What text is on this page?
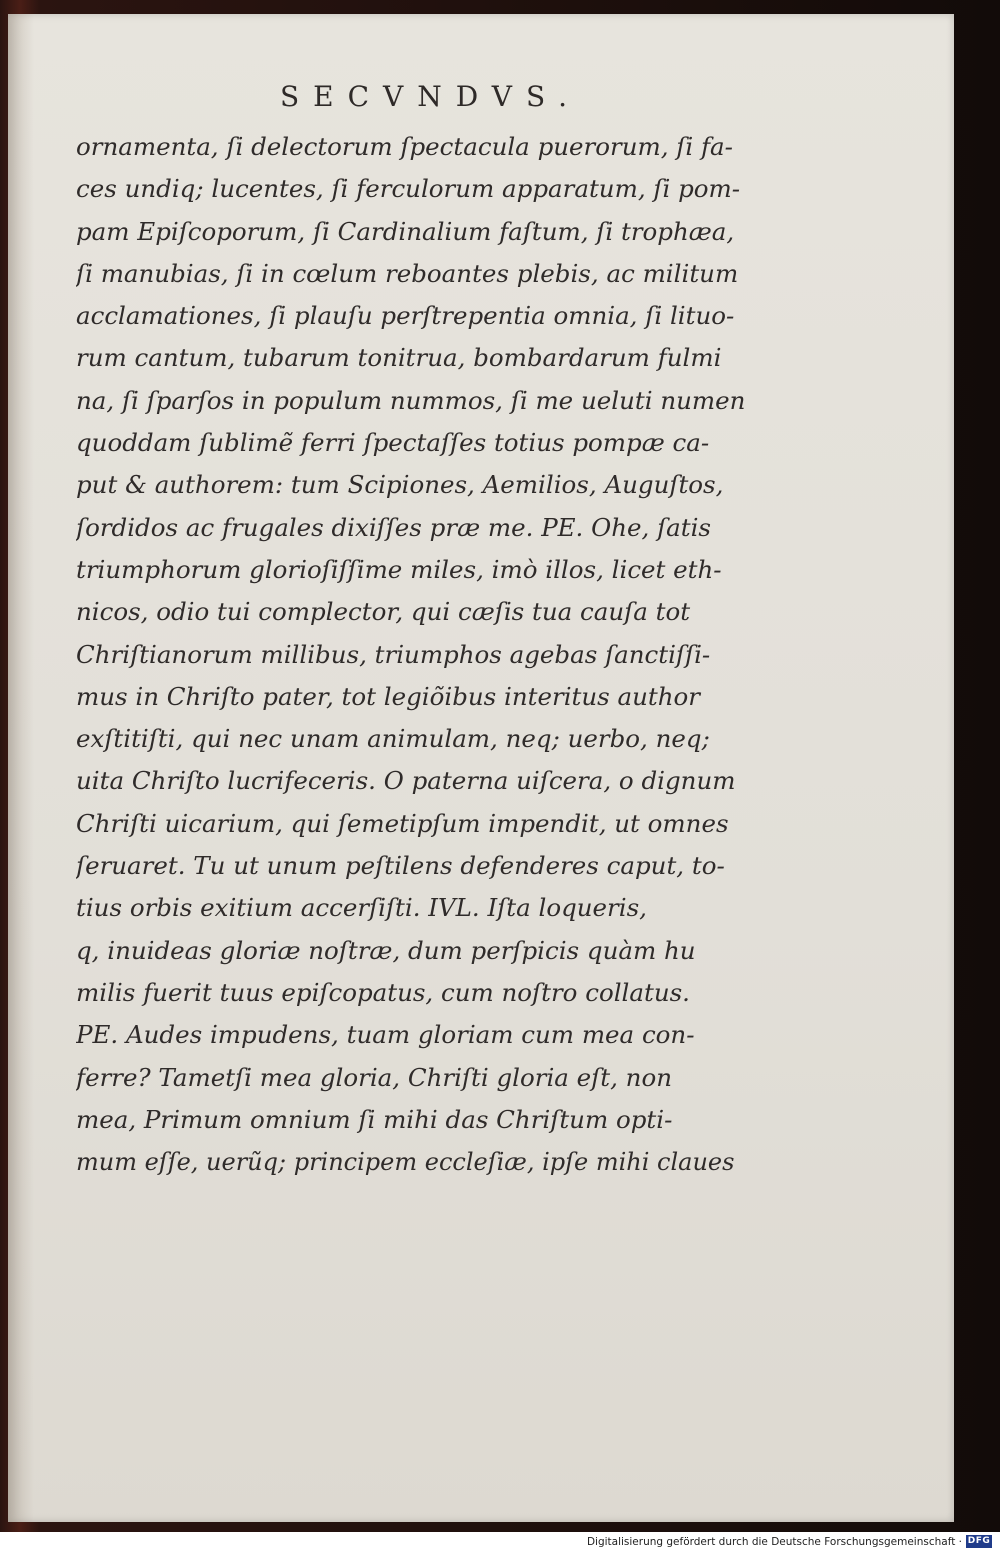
SECVNDVS.
ornamenta, ſi delectorum ſpectacula puerorum, ſi fa-
ces undiq; lucentes, ſi ferculorum apparatum, ſi pom-
pam Epiſcoporum, ſi Cardinalium faſtum, ſi trophæa,
ſi manubias, ſi in cœlum reboantes plebis, ac militum
acclamationes, ſi plauſu perſtrepentia omnia, ſi lituo-
rum cantum, tubarum tonitrua, bombardarum fulmi
na, ſi ſparſos in populum nummos, ſi me ueluti numen
quoddam ſublimẽ ferri ſpectaſſes totius pompæ ca-
put & authorem: tum Scipiones, Aemilios, Auguſtos,
ſordidos ac frugales dixiſſes præ me. PE. Ohe, ſatis
triumphorum glorioſiſſime miles, imò illos, licet eth-
nicos, odio tui complector, qui cæſis tua cauſa tot
Chriſtianorum millibus, triumphos agebas ſanctiſſi-
mus in Chriſto pater, tot legiõibus interitus author
exſtitiſti, qui nec unam animulam, neq; uerbo, neq;
uita Chriſto lucrifeceris. O paterna uiſcera, o dignum
Chriſti uicarium, qui ſemetipſum impendit, ut omnes
ſeruaret. Tu ut unum peſtilens defenderes caput, to-
tius orbis exitium accerſiſti. IVL. Iſta loqueris,
q, inuideas gloriæ noſtræ, dum perſpicis quàm hu
milis fuerit tuus epiſcopatus, cum noſtro collatus.
PE. Audes impudens, tuam gloriam cum mea con-
ferre? Tametſi mea gloria, Chriſti gloria eſt, non
mea, Primum omnium ſi mihi das Chriſtum opti-
mum eſſe, uerũq; principem eccleſiæ, ipſe mihi claues
Digitalisierung gefördert durch die Deutsche Forschungsgemeinschaft · DFG
